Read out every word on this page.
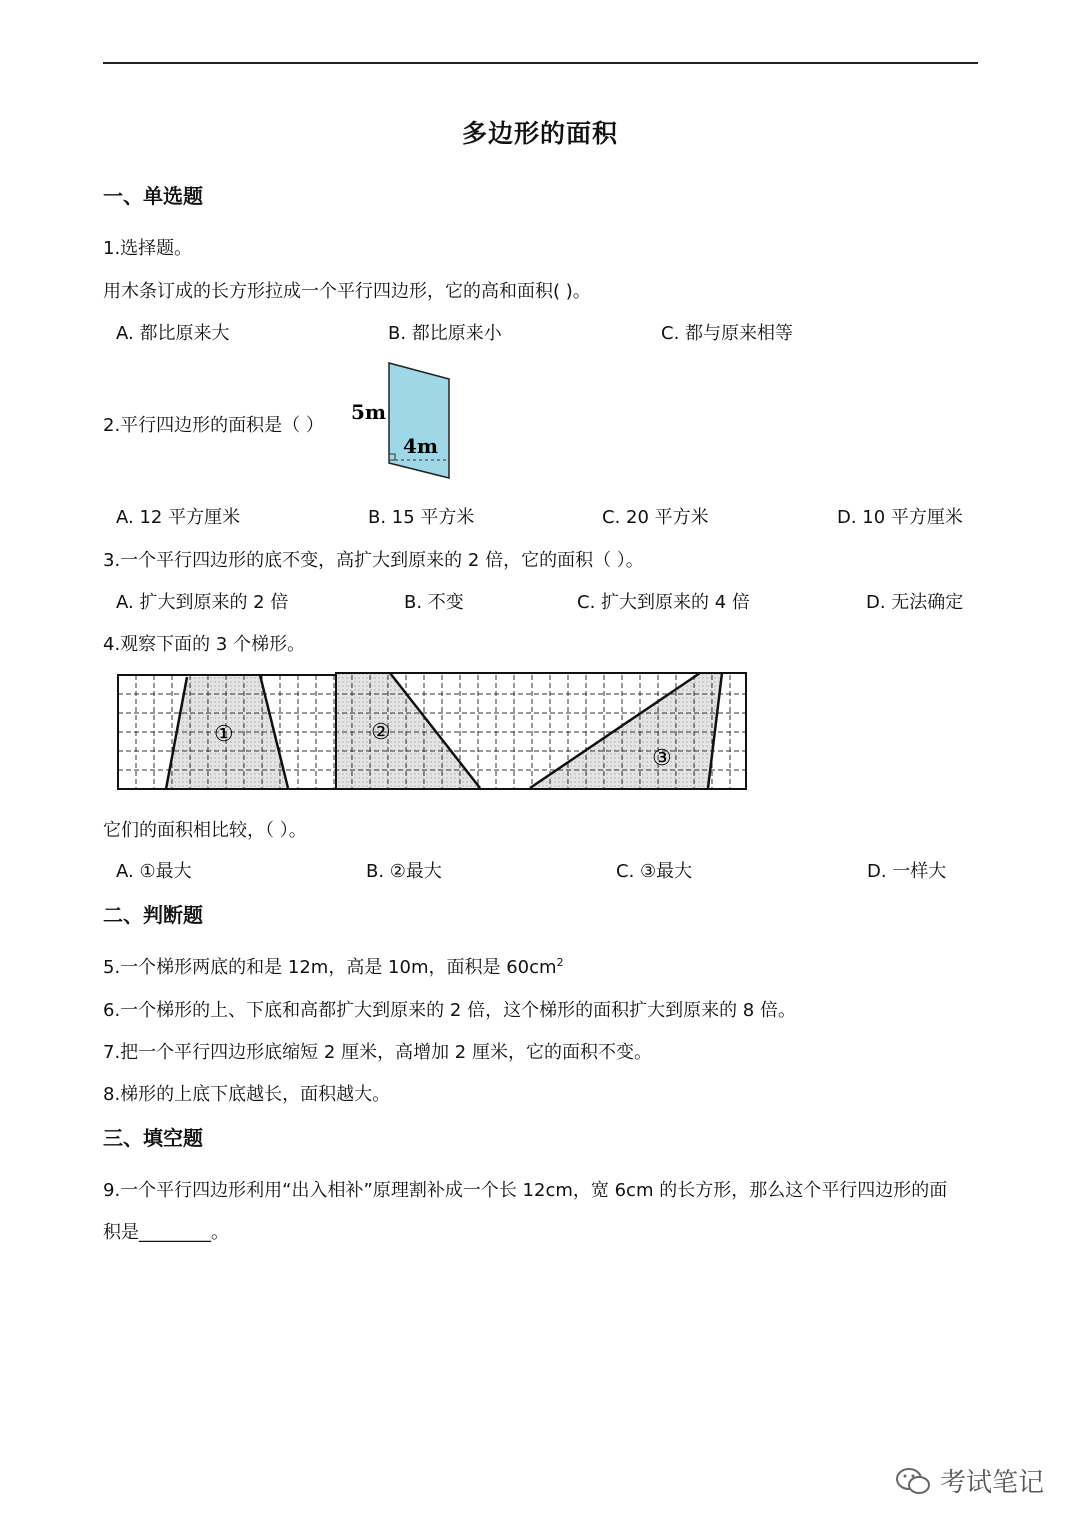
多边形的面积
一、单选题
1.选择题。
用木条订成的长方形拉成一个平行四边形，它的高和面积( )。
A. 都比原来大	B. 都比原来小	C. 都与原来相等
2.平行四边形的面积是（ ）
5m
4m
A. 12 平方厘米	B. 15 平方米	C. 20 平方米	D. 10 平方厘米
3.一个平行四边形的底不变，高扩大到原来的 2 倍，它的面积（ ）。
A. 扩大到原来的 2 倍	B. 不变	C. 扩大到原来的 4 倍	D. 无法确定
4.观察下面的 3 个梯形。
①	②
③
它们的面积相比较，（ ）。
A. ①最大	B. ②最大	C. ③最大	D. 一样大
二、判断题
5.一个梯形两底的和是 12m，高是 10m，面积是 $60cm^2$
6.一个梯形的上、下底和高都扩大到原来的 2 倍，这个梯形的面积扩大到原来的 8 倍。
7.把一个平行四边形底缩短 2 厘米，高增加 2 厘米，它的面积不变。
8.梯形的上底下底越长，面积越大。
三、填空题
9.一个平行四边形利用“出入相补”原理割补成一个长 12cm，宽 6cm 的长方形，那么这个平行四边形的面
积是________。
考试笔记
